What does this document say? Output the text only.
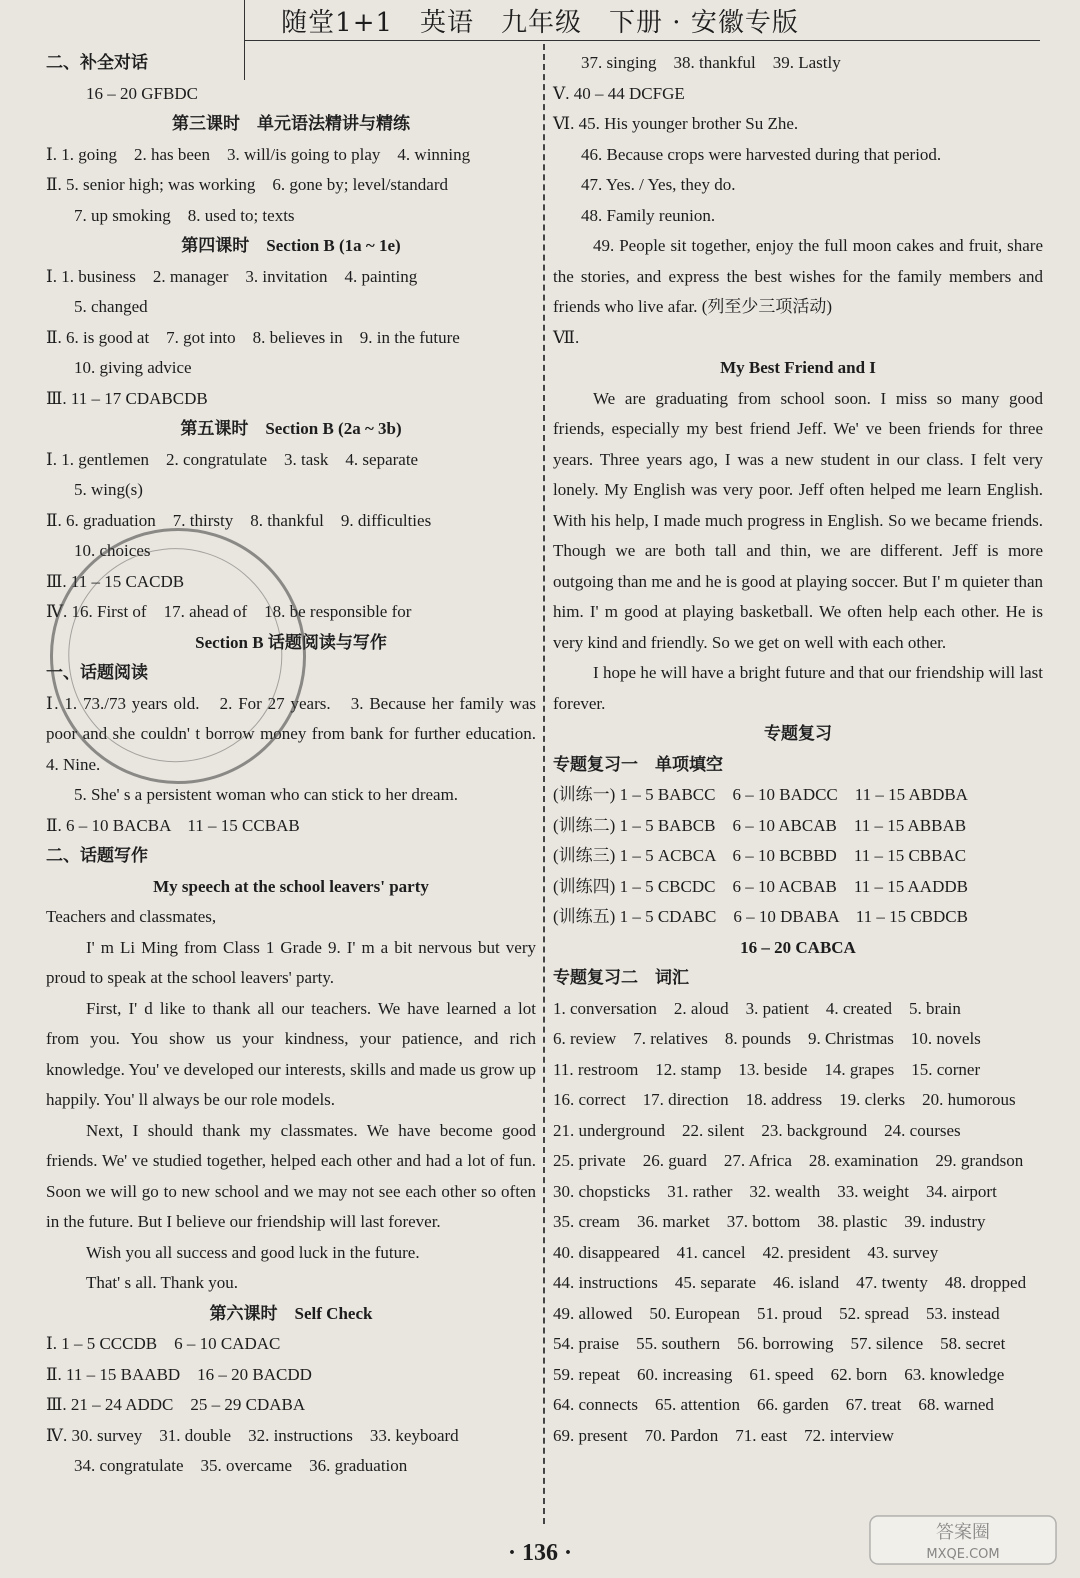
随堂1+1　英语　九年级　下册 · 安徽专版
二、补全对话
16 – 20 GFBDC
第三课时　单元语法精讲与精练
Ⅰ. 1. going　2. has been　3. will/is going to play　4. winning
Ⅱ. 5. senior high; was working　6. gone by; level/standard
7. up smoking　8. used to; texts
第四课时　Section B (1a ~ 1e)
Ⅰ. 1. business　2. manager　3. invitation　4. painting
5. changed
Ⅱ. 6. is good at　7. got into　8. believes in　9. in the future
10. giving advice
Ⅲ. 11 – 17 CDABCDB
第五课时　Section B (2a ~ 3b)
Ⅰ. 1. gentlemen　2. congratulate　3. task　4. separate
5. wing(s)
Ⅱ. 6. graduation　7. thirsty　8. thankful　9. difficulties
10. choices
Ⅲ. 11 – 15 CACDB
Ⅳ. 16. First of　17. ahead of　18. be responsible for
Section B 话题阅读与写作
一、话题阅读
Ⅰ. 1. 73./73 years old.　2. For 27 years.　3. Because her family was poor and she couldn' t borrow money from bank for further education.　4. Nine.
5. She' s a persistent woman who can stick to her dream.
Ⅱ. 6 – 10 BACBA　11 – 15 CCBAB
二、话题写作
My speech at the school leavers' party
Teachers and classmates,
I' m Li Ming from Class 1 Grade 9. I' m a bit nervous but very proud to speak at the school leavers' party.
First, I' d like to thank all our teachers. We have learned a lot from you. You show us your kindness, your patience, and rich knowledge. You' ve developed our interests, skills and made us grow up happily. You' ll always be our role models.
Next, I should thank my classmates. We have become good friends. We' ve studied together, helped each other and had a lot of fun. Soon we will go to new school and we may not see each other so often in the future. But I believe our friendship will last forever.
Wish you all success and good luck in the future.
That' s all. Thank you.
第六课时　Self Check
Ⅰ. 1 – 5 CCCDB　6 – 10 CADAC
Ⅱ. 11 – 15 BAABD　16 – 20 BACDD
Ⅲ. 21 – 24 ADDC　25 – 29 CDABA
Ⅳ. 30. survey　31. double　32. instructions　33. keyboard
34. congratulate　35. overcame　36. graduation
37. singing　38. thankful　39. Lastly
Ⅴ. 40 – 44 DCFGE
Ⅵ. 45. His younger brother Su Zhe.
46. Because crops were harvested during that period.
47. Yes. / Yes, they do.
48. Family reunion.
49. People sit together, enjoy the full moon cakes and fruit, share the stories, and express the best wishes for the family members and friends who live afar. (列至少三项活动)
Ⅶ.
My Best Friend and I
We are graduating from school soon. I miss so many good friends, especially my best friend Jeff. We' ve been friends for three years. Three years ago, I was a new student in our class. I felt very lonely. My English was very poor. Jeff often helped me learn English. With his help, I made much progress in English. So we became friends. Though we are both tall and thin, we are different. Jeff is more outgoing than me and he is good at playing soccer. But I' m quieter than him. I' m good at playing basketball. We often help each other. He is very kind and friendly. So we get on well with each other.
I hope he will have a bright future and that our friendship will last forever.
专题复习
专题复习一　单项填空
(训练一) 1 – 5 BABCC　6 – 10 BADCC　11 – 15 ABDBA
(训练二) 1 – 5 BABCB　6 – 10 ABCAB　11 – 15 ABBAB
(训练三) 1 – 5 ACBCA　6 – 10 BCBBD　11 – 15 CBBAC
(训练四) 1 – 5 CBCDC　6 – 10 ACBAB　11 – 15 AADDB
(训练五) 1 – 5 CDABC　6 – 10 DBABA　11 – 15 CBDCB
16 – 20 CABCA
专题复习二　词汇
1. conversation　2. aloud　3. patient　4. created　5. brain
6. review　7. relatives　8. pounds　9. Christmas　10. novels
11. restroom　12. stamp　13. beside　14. grapes　15. corner
16. correct　17. direction　18. address　19. clerks　20. humorous
21. underground　22. silent　23. background　24. courses
25. private　26. guard　27. Africa　28. examination　29. grandson
30. chopsticks　31. rather　32. wealth　33. weight　34. airport
35. cream　36. market　37. bottom　38. plastic　39. industry
40. disappeared　41. cancel　42. president　43. survey
44. instructions　45. separate　46. island　47. twenty　48. dropped
49. allowed　50. European　51. proud　52. spread　53. instead
54. praise　55. southern　56. borrowing　57. silence　58. secret
59. repeat　60. increasing　61. speed　62. born　63. knowledge
64. connects　65. attention　66. garden　67. treat　68. warned
69. present　70. Pardon　71. east　72. interview
· 136 ·
答案圈
MXQE.COM
